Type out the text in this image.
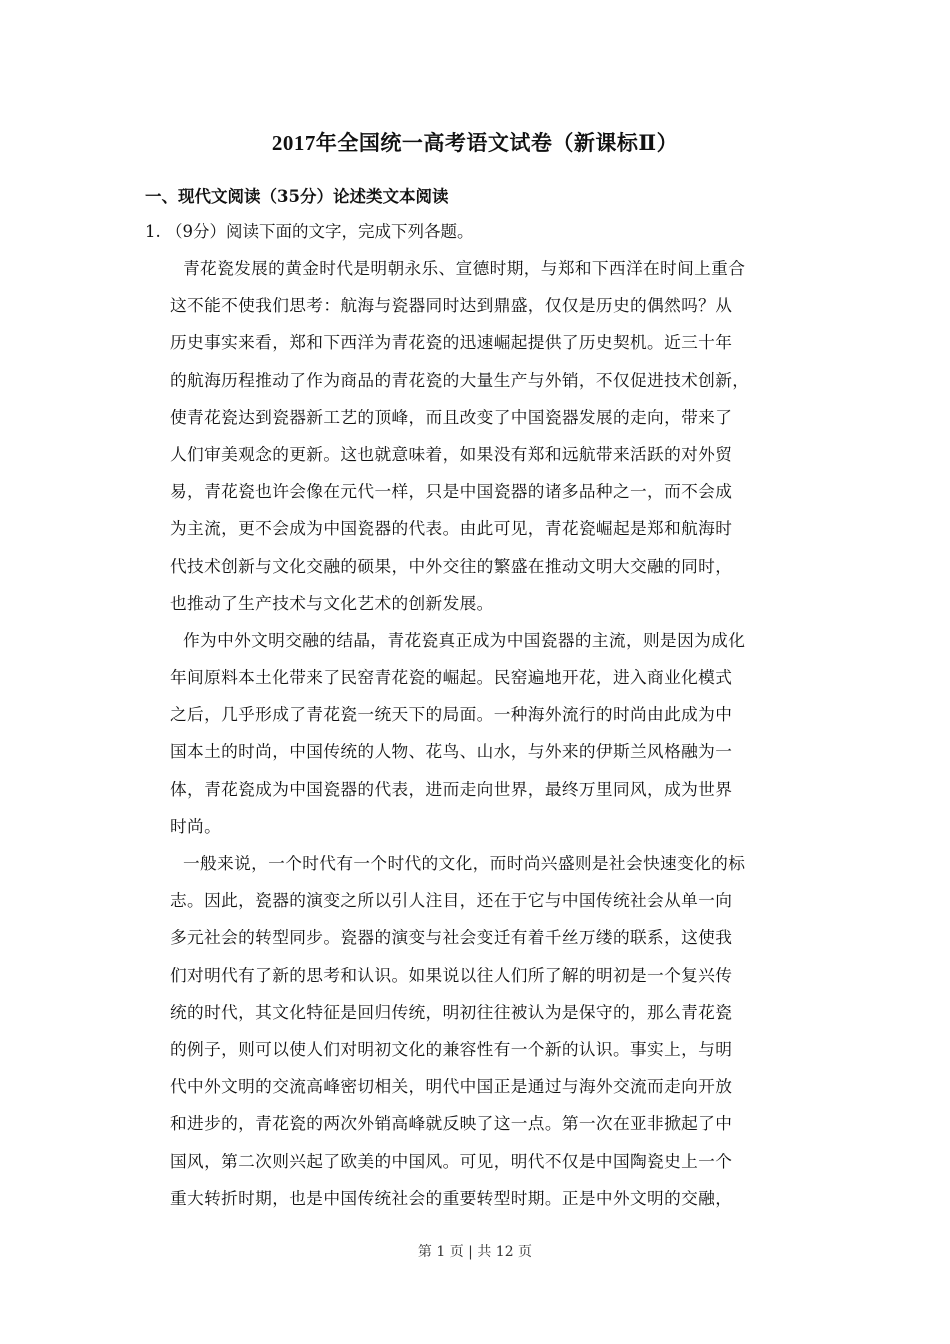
2017年全国统一高考语文试卷（新课标Ⅱ）
一、现代文阅读（35分）论述类文本阅读
1. （9分）阅读下面的文字，完成下列各题。
青花瓷发展的黄金时代是明朝永乐、宣德时期，与郑和下西洋在时间上重合
这不能不使我们思考：航海与瓷器同时达到鼎盛，仅仅是历史的偶然吗？从
历史事实来看，郑和下西洋为青花瓷的迅速崛起提供了历史契机。近三十年
的航海历程推动了作为商品的青花瓷的大量生产与外销，不仅促进技术创新，
使青花瓷达到瓷器新工艺的顶峰，而且改变了中国瓷器发展的走向，带来了
人们审美观念的更新。这也就意味着，如果没有郑和远航带来活跃的对外贸
易，青花瓷也许会像在元代一样，只是中国瓷器的诸多品种之一，而不会成
为主流，更不会成为中国瓷器的代表。由此可见，青花瓷崛起是郑和航海时
代技术创新与文化交融的硕果，中外交往的繁盛在推动文明大交融的同时，
也推动了生产技术与文化艺术的创新发展。
作为中外文明交融的结晶，青花瓷真正成为中国瓷器的主流，则是因为成化
年间原料本土化带来了民窑青花瓷的崛起。民窑遍地开花，进入商业化模式
之后，几乎形成了青花瓷一统天下的局面。一种海外流行的时尚由此成为中
国本土的时尚，中国传统的人物、花鸟、山水，与外来的伊斯兰风格融为一
体，青花瓷成为中国瓷器的代表，进而走向世界，最终万里同风，成为世界
时尚。
一般来说，一个时代有一个时代的文化，而时尚兴盛则是社会快速变化的标
志。因此，瓷器的演变之所以引人注目，还在于它与中国传统社会从单一向
多元社会的转型同步。瓷器的演变与社会变迁有着千丝万缕的联系，这使我
们对明代有了新的思考和认识。如果说以往人们所了解的明初是一个复兴传
统的时代，其文化特征是回归传统，明初往往被认为是保守的，那么青花瓷
的例子，则可以使人们对明初文化的兼容性有一个新的认识。事实上，与明
代中外文明的交流高峰密切相关，明代中国正是通过与海外交流而走向开放
和进步的，青花瓷的两次外销高峰就反映了这一点。第一次在亚非掀起了中
国风，第二次则兴起了欧美的中国风。可见，明代不仅是中国陶瓷史上一个
重大转折时期，也是中国传统社会的重要转型时期。正是中外文明的交融，
第 1 页 | 共 12 页
